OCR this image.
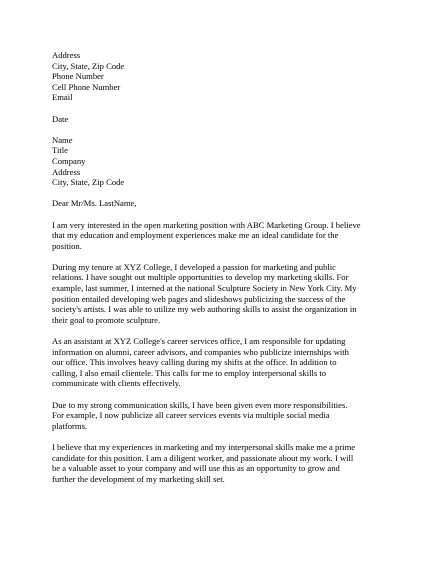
Address
City, State, Zip Code
Phone Number
Cell Phone Number
Email
Date
Name
Title
Company
Address
City, State, Zip Code
Dear Mr/Ms. LastName,
I am very interested in the open marketing position with ABC Marketing Group. I believe
that my education and employment experiences make me an ideal candidate for the
position.
During my tenure at XYZ College, I developed a passion for marketing and public
relations. I have sought out multiple opportunities to develop my marketing skills. For
example, last summer, I interned at the national Sculpture Society in New York City. My
position entailed developing web pages and slideshows publicizing the success of the
society's artists. I was able to utilize my web authoring skills to assist the organization in
their goal to promote sculpture.
As an assistant at XYZ College's career services office, I am responsible for updating
information on alumni, career advisors, and companies who publicize internships with
our office. This involves heavy calling during my shifts at the office. In addition to
calling, I also email clientele. This calls for me to employ interpersonal skills to
communicate with clients effectively.
Due to my strong communication skills, I have been given even more responsibilities.
For example, I now publicize all career services events via multiple social media
platforms.
I believe that my experiences in marketing and my interpersonal skills make me a prime
candidate for this position. I am a diligent worker, and passionate about my work. I will
be a valuable asset to your company and will use this as an opportunity to grow and
further the development of my marketing skill set.
